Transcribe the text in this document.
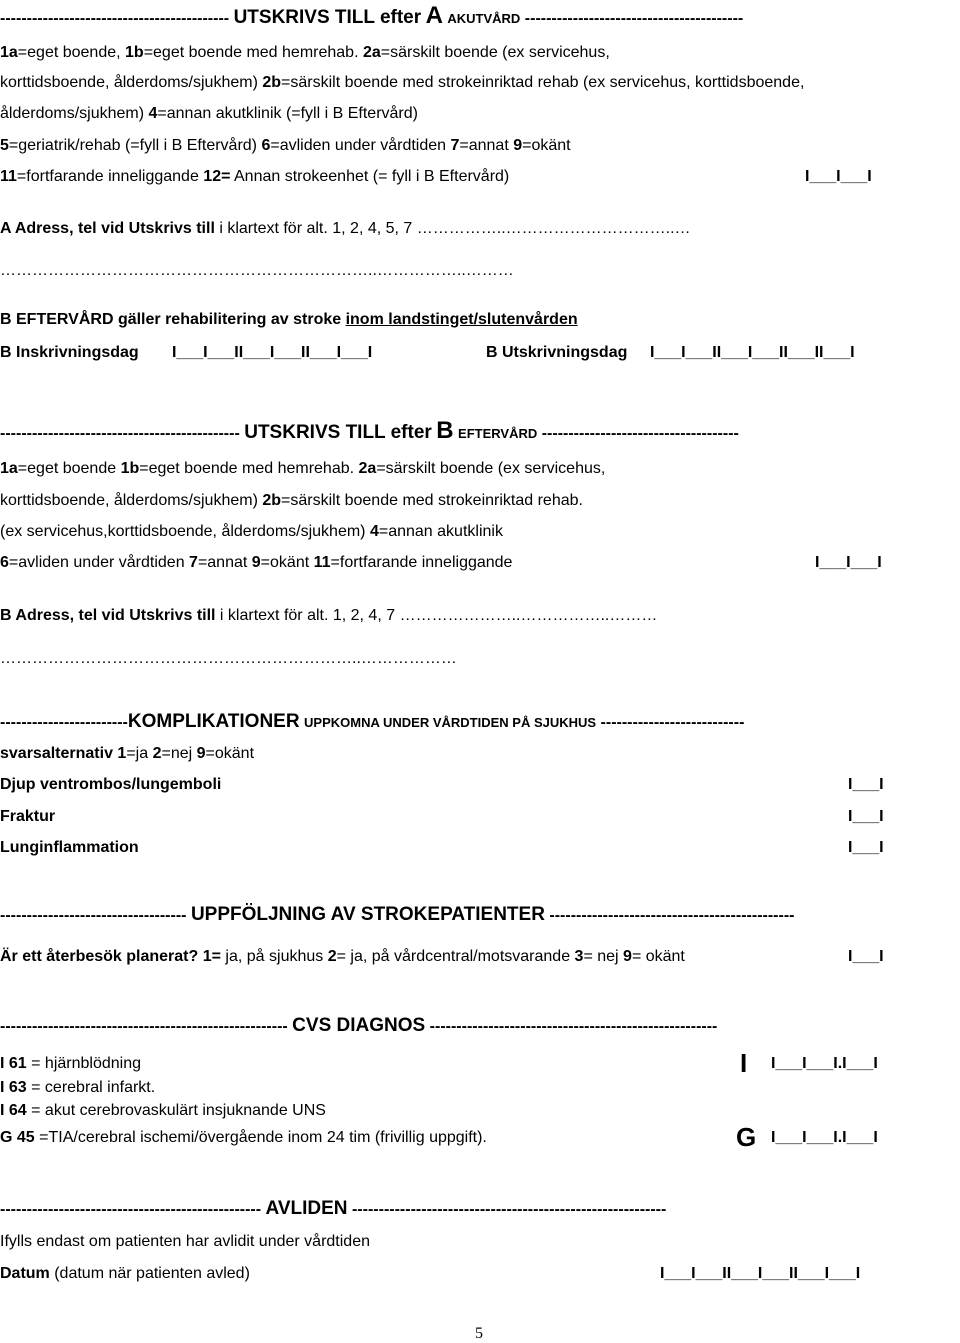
------------------------------------------- UTSKRIVS TILL efter A AKUTVÅRD -----------------------------------------
1a=eget boende, 1b=eget boende med hemrehab. 2a=särskilt boende (ex servicehus,
korttidsboende, ålderdoms/sjukhem) 2b=särskilt boende med strokeinriktad rehab (ex servicehus, korttidsboende,
ålderdoms/sjukhem) 4=annan akutklinik (=fyll i B Eftervård)
5=geriatrik/rehab (=fyll i B Eftervård) 6=avliden under vårdtiden 7=annat 9=okänt
11=fortfarande inneliggande 12= Annan strokeenhet (= fyll i B Eftervård)	I___I___I
A Adress, tel vid Utskrivs till i klartext för alt. 1, 2, 4, 5, 7 ……………..…………………………..…
……………………………………………………………..……………..………
B EFTERVÅRD gäller rehabilitering av stroke inom landstinget/slutenvården
B Inskrivningsdag I___I___II___I___II___I___I	B Utskrivningsdag I___I___II___I___II___II___I
--------------------------------------------- UTSKRIVS TILL efter B EFTERVÅRD -------------------------------------
1a=eget boende 1b=eget boende med hemrehab. 2a=särskilt boende (ex servicehus,
korttidsboende, ålderdoms/sjukhem) 2b=särskilt boende med strokeinriktad rehab.
(ex servicehus,korttidsboende, ålderdoms/sjukhem) 4=annan akutklinik
6=avliden under vårdtiden 7=annat 9=okänt 11=fortfarande inneliggande	I___I___I
B Adress, tel vid Utskrivs till i klartext för alt. 1, 2, 4, 7 …………………..……………..………
…………………………………………………………..………………
------------------------KOMPLIKATIONER UPPKOMNA UNDER VÅRDTIDEN PÅ SJUKHUS ---------------------------
svarsalternativ 1=ja 2=nej 9=okänt
Djup ventrombos/lungemboli	I___I
Fraktur	I___I
Lunginflammation	I___I
----------------------------------- UPPFÖLJNING AV STROKEPATIENTER ----------------------------------------------
Är ett återbesök planerat? 1= ja, på sjukhus 2= ja, på vårdcentral/motsvarande 3= nej 9= okänt	I___I
------------------------------------------------------ CVS DIAGNOS ------------------------------------------------------
I 61 = hjärnblödning
I 63 = cerebral infarkt.
I 64 = akut cerebrovaskulärt insjuknande UNS
G 45 =TIA/cerebral ischemi/övergående inom 24 tim (frivillig uppgift).
I I___I___I.I___I
G I___I___I.I___I
------------------------------------------------- AVLIDEN -----------------------------------------------------------
Ifylls endast om patienten har avlidit under vårdtiden
Datum (datum när patienten avled)	I___I___II___I___II___I___I
5
